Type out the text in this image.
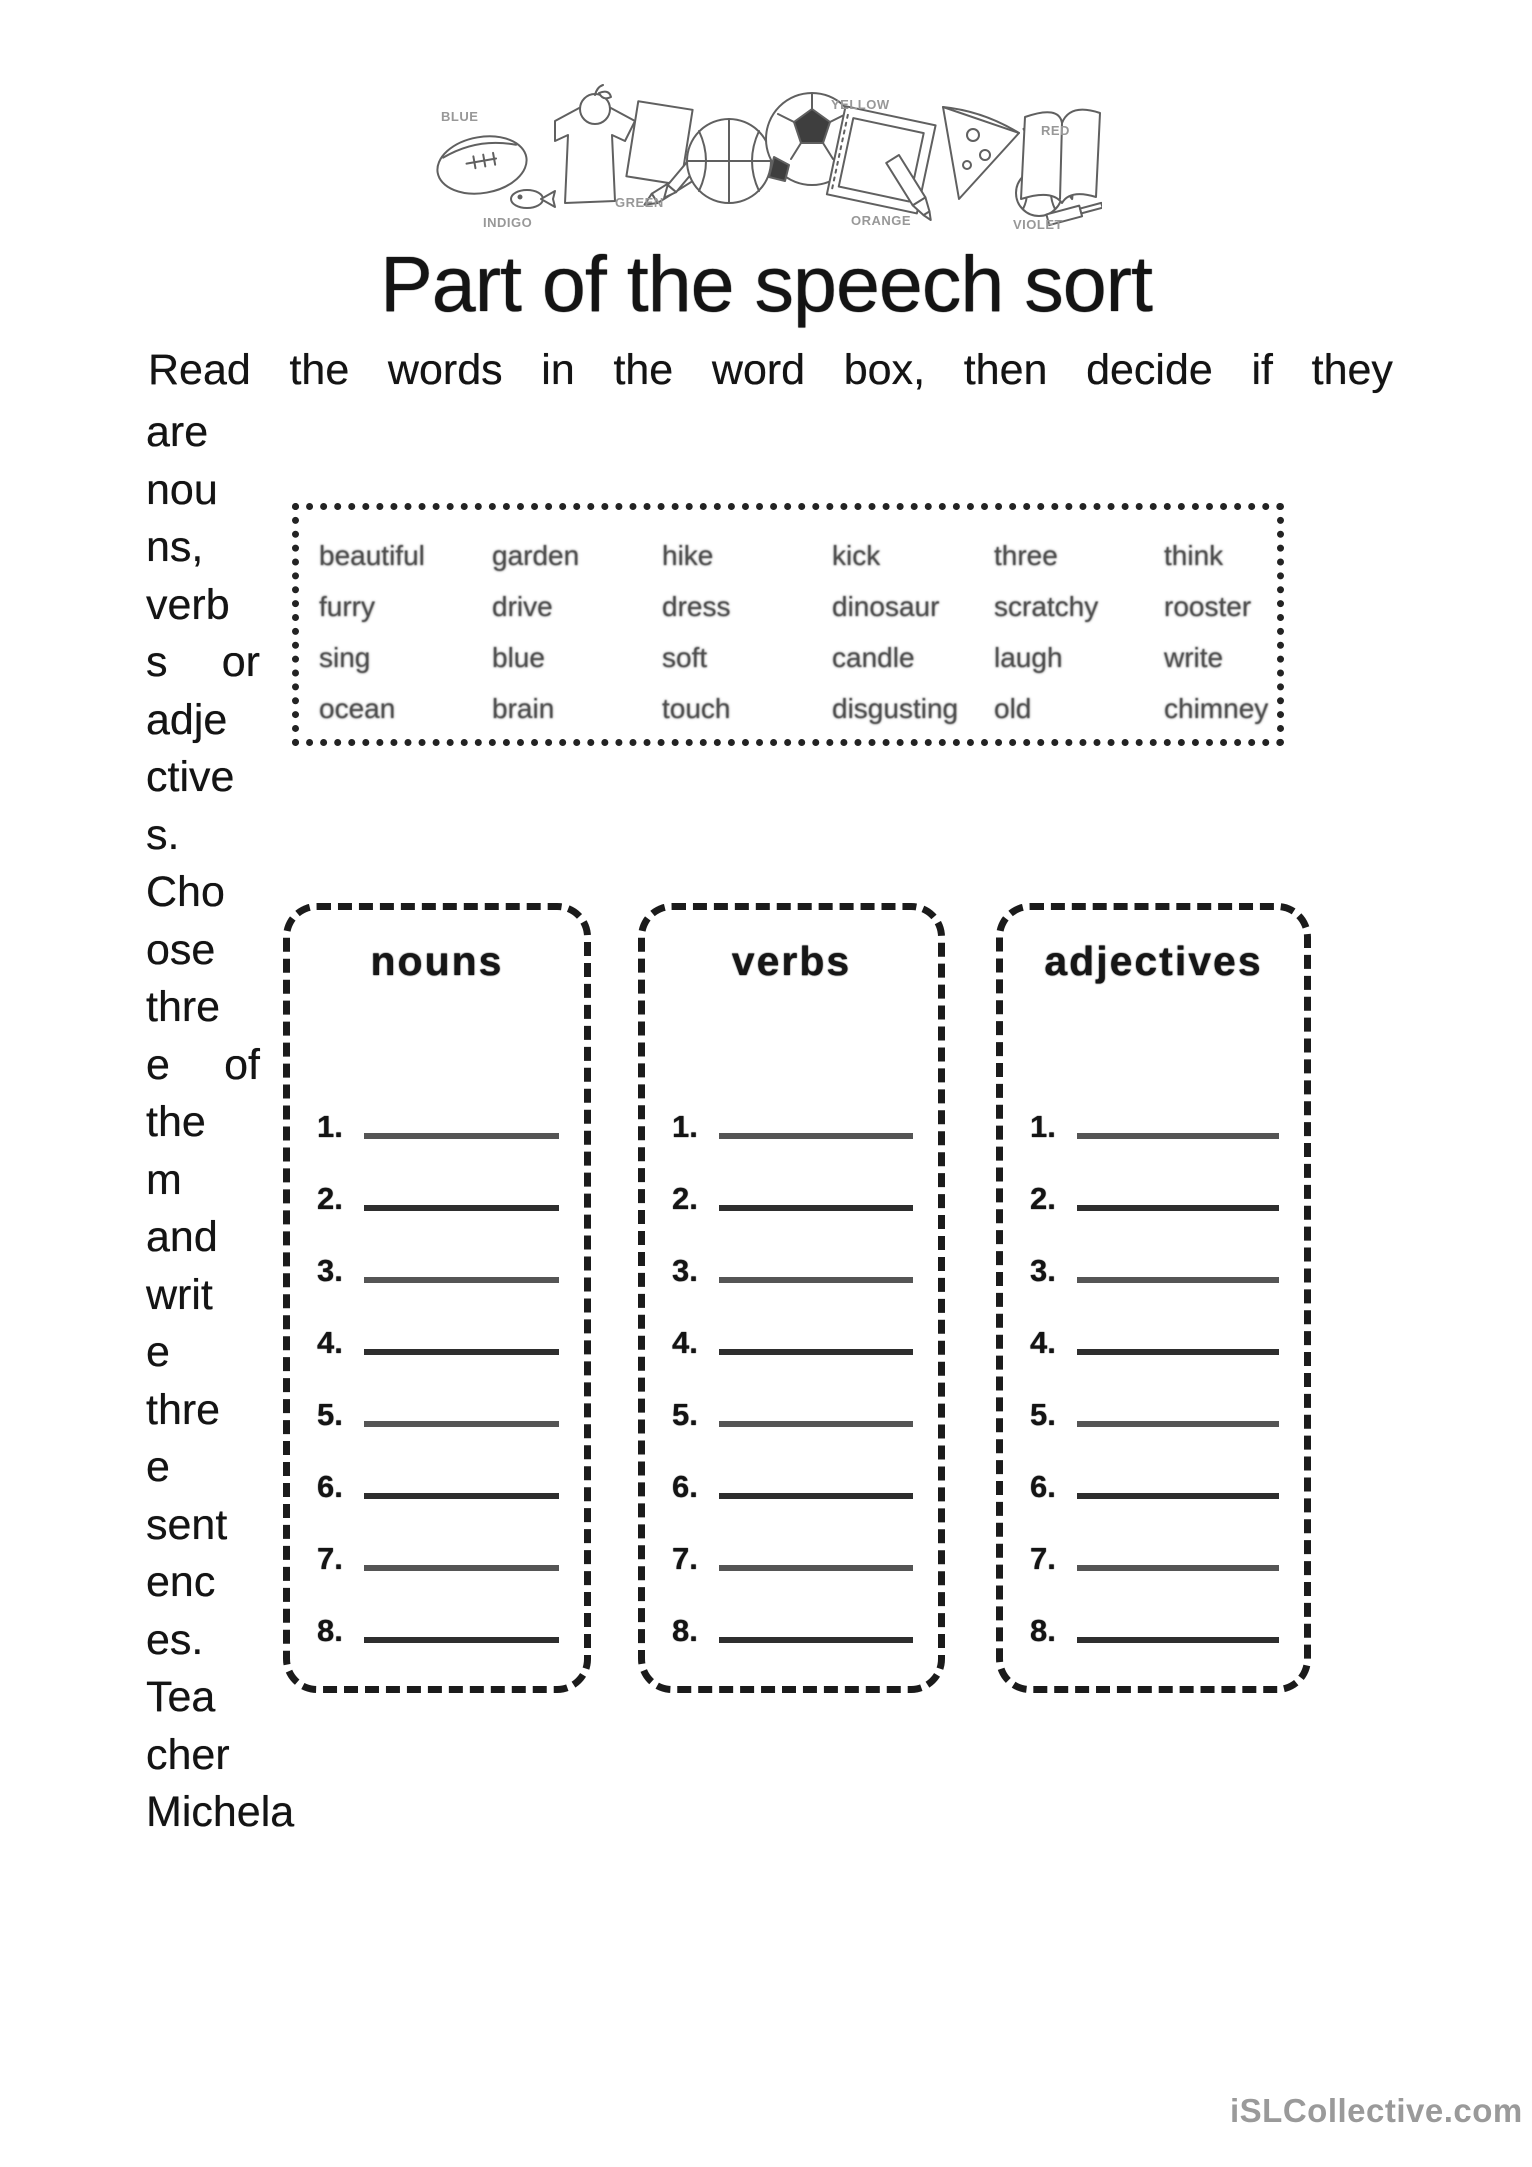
BLUE
INDIGO
GREEN
YELLOW
ORANGE
RED
VIOLET
Part of the speech sort
Read the words in the word box, then decide if they
are
nou
ns,
verb
s or
adje
ctive
s.
Cho
ose
thre
e of
the
m
and
writ
e
thre
e
sent
enc
es.
Tea
cher
Michela
beautiful	garden	hike	kick	three	think
furry	drive	dress	dinosaur	scratchy	rooster
sing	blue	soft	candle	laugh	write
ocean	brain	touch	disgusting	old	chimney
nouns
1.
2.
3.
4.
5.
6.
7.
8.
verbs
1.
2.
3.
4.
5.
6.
7.
8.
adjectives
1.
2.
3.
4.
5.
6.
7.
8.
iSLCollective.com
